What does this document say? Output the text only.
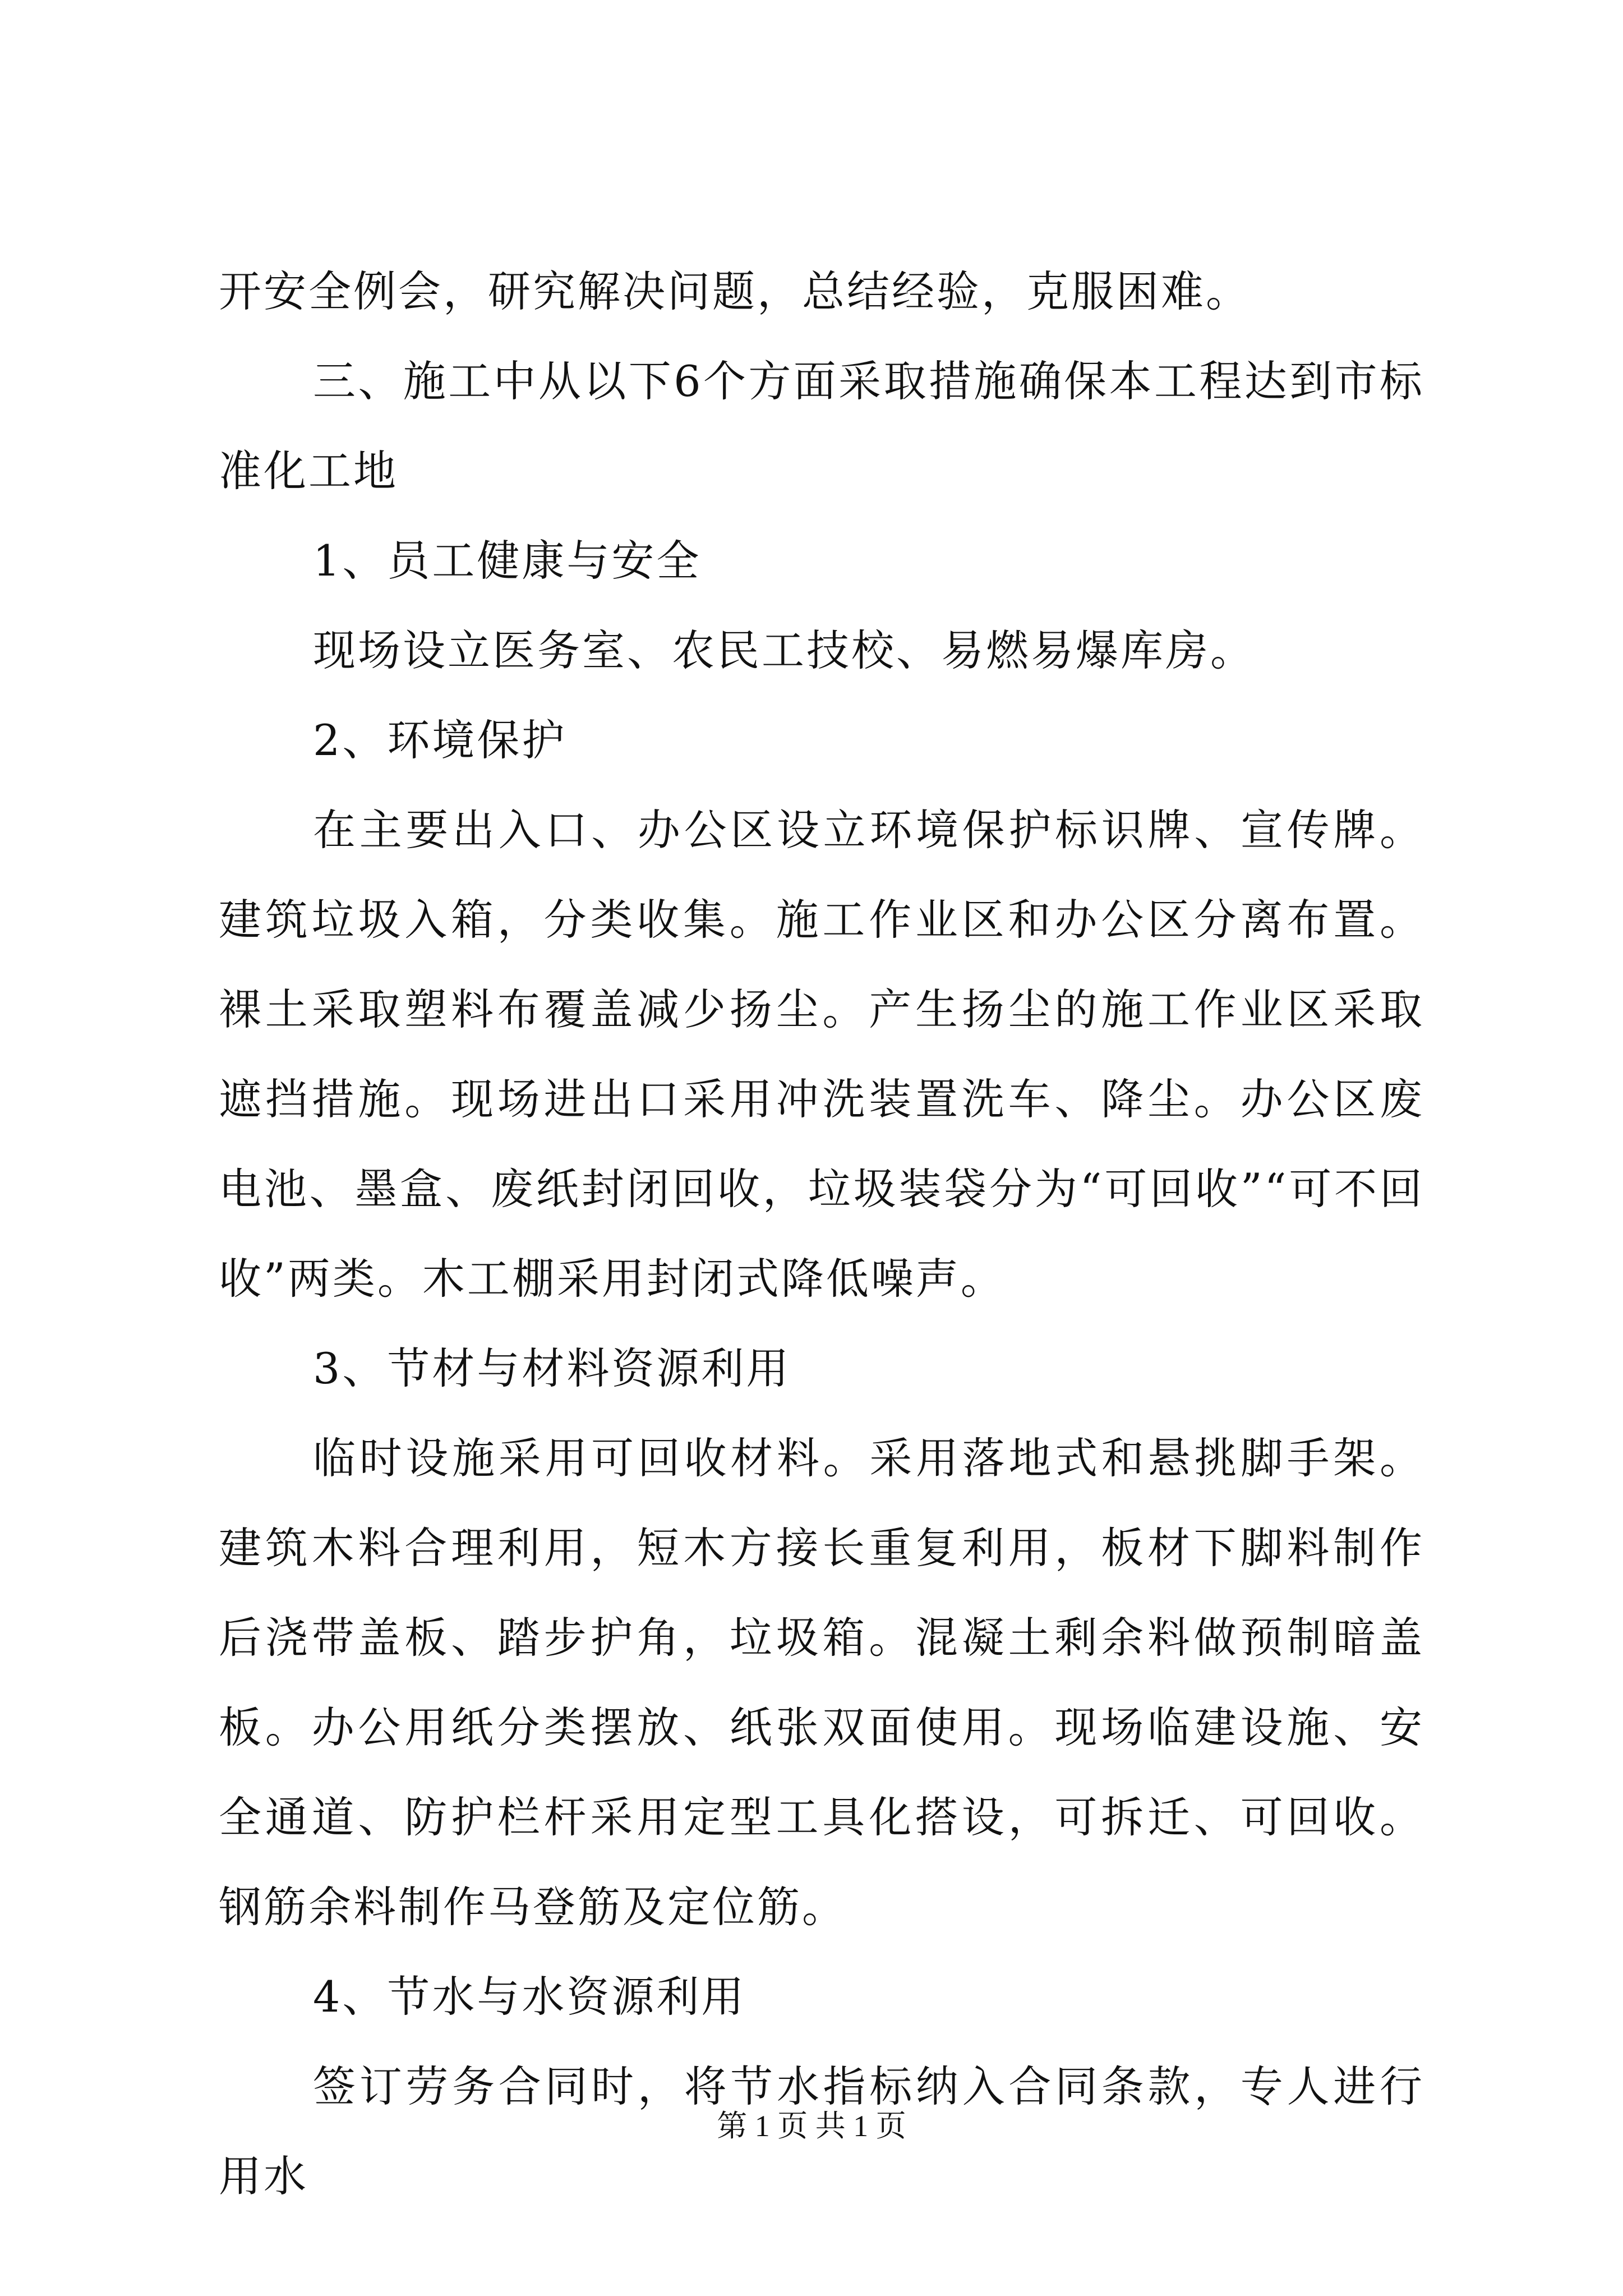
开安全例会，研究解决问题，总结经验，克服困难。

三、施工中从以下6个方面采取措施确保本工程达到市标准化工地

1、员工健康与安全

现场设立医务室、农民工技校、易燃易爆库房。

2、环境保护

在主要出入口、办公区设立环境保护标识牌、宣传牌。建筑垃圾入箱，分类收集。施工作业区和办公区分离布置。裸土采取塑料布覆盖减少扬尘。产生扬尘的施工作业区采取遮挡措施。现场进出口采用冲洗装置洗车、降尘。办公区废电池、墨盒、废纸封闭回收，垃圾装袋分为“可回收”“可不回收”两类。木工棚采用封闭式降低噪声。

3、节材与材料资源利用

临时设施采用可回收材料。采用落地式和悬挑脚手架。建筑木料合理利用，短木方接长重复利用，板材下脚料制作后浇带盖板、踏步护角，垃圾箱。混凝土剩余料做预制暗盖板。办公用纸分类摆放、纸张双面使用。现场临建设施、安全通道、防护栏杆采用定型工具化搭设，可拆迁、可回收。钢筋余料制作马登筋及定位筋。

4、节水与水资源利用

签订劳务合同时，将节水指标纳入合同条款，专人进行用水

第 1 页 共 1 页
